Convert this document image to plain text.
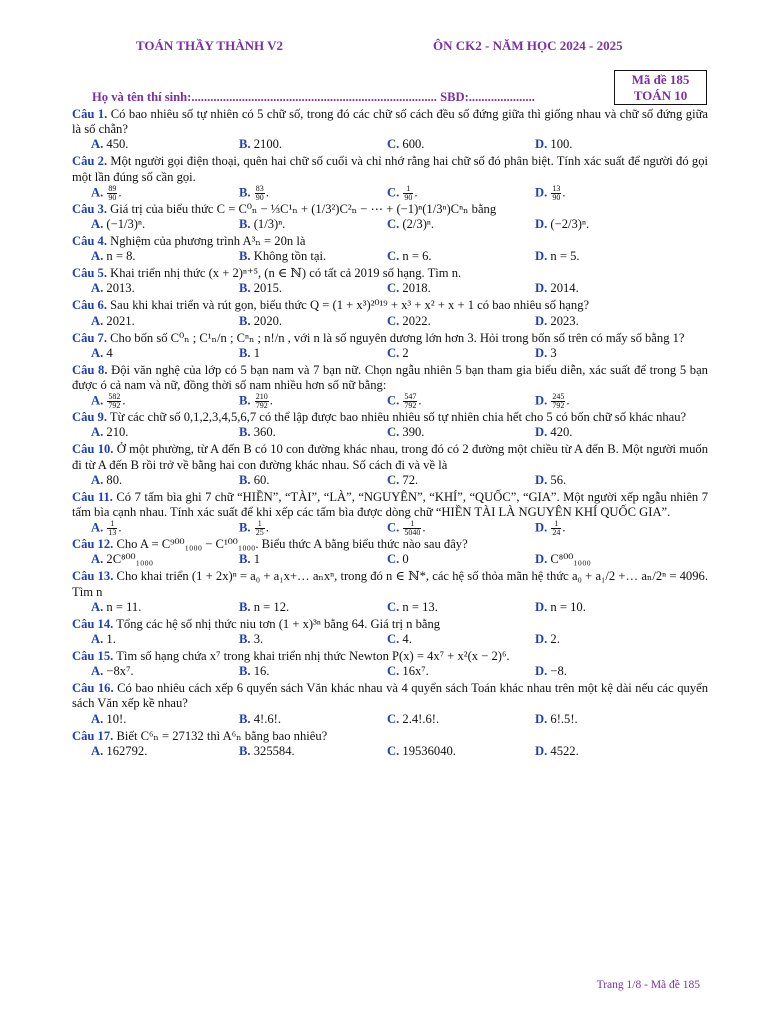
TOÁN THẦY THÀNH V2	ÔN CK2 - NĂM HỌC 2024 - 2025
Mã đề 185
TOÁN 10
Họ và tên thí sinh:.............................................................................. SBD:.....................
Câu 1. Có bao nhiêu số tự nhiên có 5 chữ số, trong đó các chữ số cách đều số đứng giữa thì giống nhau và chữ số đứng giữa là số chẵn?
A. 450.	B. 2100.	C. 600.	D. 100.
Câu 2. Một người gọi điện thoại, quên hai chữ số cuối và chỉ nhớ rằng hai chữ số đó phân biệt. Tính xác suất để người đó gọi một lần đúng số cần gọi.
A. $\frac{89}{90}$ .	B. $\frac{83}{90}$ .	C. $\frac{1}{90}$ .	D. $\frac{13}{90}$ .
Câu 3. Giá trị của biểu thức C = C⁰ₙ − ⅓C¹ₙ + (1/3²)C²ₙ − ⋯ + (−1)ⁿ(1/3ⁿ)Cⁿₙ bằng
A. (−1/3)ⁿ.	B. (1/3)ⁿ.	C. (2/3)ⁿ.	D. (−2/3)ⁿ.
Câu 4. Nghiệm của phương trình A³ₙ = 20n là
A. n = 8.	B. Không tồn tại.	C. n = 6.	D. n = 5.
Câu 5. Khai triển nhị thức (x + 2)ⁿ⁺⁵, (n ∈ ℕ) có tất cả 2019 số hạng. Tìm n.
A. 2013.	B. 2015.	C. 2018.	D. 2014.
Câu 6. Sau khi khai triển và rút gọn, biểu thức Q = (1 + x³)²⁰¹⁹ + x³ + x² + x + 1 có bao nhiêu số hạng?
A. 2021.	B. 2020.	C. 2022.	D. 2023.
Câu 7. Cho bốn số C⁰ₙ ; C¹ₙ/n ; Cⁿₙ ; n!/n , với n là số nguyên dương lớn hơn 3. Hỏi trong bốn số trên có mấy số bằng 1?
A. 4	B. 1	C. 2	D. 3
Câu 8. Đội văn nghệ của lớp có 5 bạn nam và 7 bạn nữ. Chọn ngẫu nhiên 5 bạn tham gia biểu diễn, xác suất để trong 5 bạn được ó cả nam và nữ, đồng thời số nam nhiều hơn số nữ bằng:
A. $\frac{582}{792}$ .	B. $\frac{210}{792}$ .	C. $\frac{547}{792}$ .	D. $\frac{245}{792}$ .
Câu 9. Từ các chữ số 0,1,2,3,4,5,6,7 có thể lập được bao nhiêu nhiêu số tự nhiên chia hết cho 5 có bốn chữ số khác nhau?
A. 210.	B. 360.	C. 390.	D. 420.
Câu 10. Ở một phường, từ A đến B có 10 con đường khác nhau, trong đó có 2 đường một chiều từ A đến B. Một người muốn đi từ A đến B rồi trở về bằng hai con đường khác nhau. Số cách đi và về là
A. 80.	B. 60.	C. 72.	D. 56.
Câu 11. Có 7 tấm bìa ghi 7 chữ “HIỀN”, “TÀI”, “LÀ”, “NGUYÊN”, “KHÍ”, “QUỐC”, “GIA”. Một người xếp ngẫu nhiên 7 tấm bìa cạnh nhau. Tính xác suất để khi xếp các tấm bìa được dòng chữ “HIỀN TÀI LÀ NGUYÊN KHÍ QUỐC GIA”.
A. $\frac{1}{13}$ .	B. $\frac{1}{25}$ .	C. $\frac{1}{5040}$ .	D. $\frac{1}{24}$ .
Câu 12. Cho A = C⁹⁰⁰₁₀₀₀ − C¹⁰⁰₁₀₀₀. Biểu thức A bằng biểu thức nào sau đây?
A. 2C⁸⁰⁰₁₀₀₀	B. 1	C. 0	D. C⁸⁰⁰₁₀₀₀
Câu 13. Cho khai triển (1 + 2x)ⁿ = a₀ + a₁x+… aₙxⁿ, trong đó n ∈ ℕ*, các hệ số thỏa mãn hệ thức a₀ + a₁/2 +… aₙ/2ⁿ = 4096. Tìm n
A. n = 11.	B. n = 12.	C. n = 13.	D. n = 10.
Câu 14. Tổng các hệ số nhị thức niu tơn (1 + x)³ⁿ bằng 64. Giá trị n bằng
A. 1.	B. 3.	C. 4.	D. 2.
Câu 15. Tìm số hạng chứa x⁷ trong khai triển nhị thức Newton P(x) = 4x⁷ + x²(x − 2)⁶.
A. −8x⁷.	B. 16.	C. 16x⁷.	D. −8.
Câu 16. Có bao nhiêu cách xếp 6 quyển sách Văn khác nhau và 4 quyển sách Toán khác nhau trên một kệ dài nếu các quyển sách Văn xếp kề nhau?
A. 10!.	B. 4!.6!.	C. 2.4!.6!.	D. 6!.5!.
Câu 17. Biết C⁶ₙ = 27132 thì A⁶ₙ bằng bao nhiêu?
A. 162792.	B. 325584.	C. 19536040.	D. 4522.
Trang 1/8 - Mã đề 185
